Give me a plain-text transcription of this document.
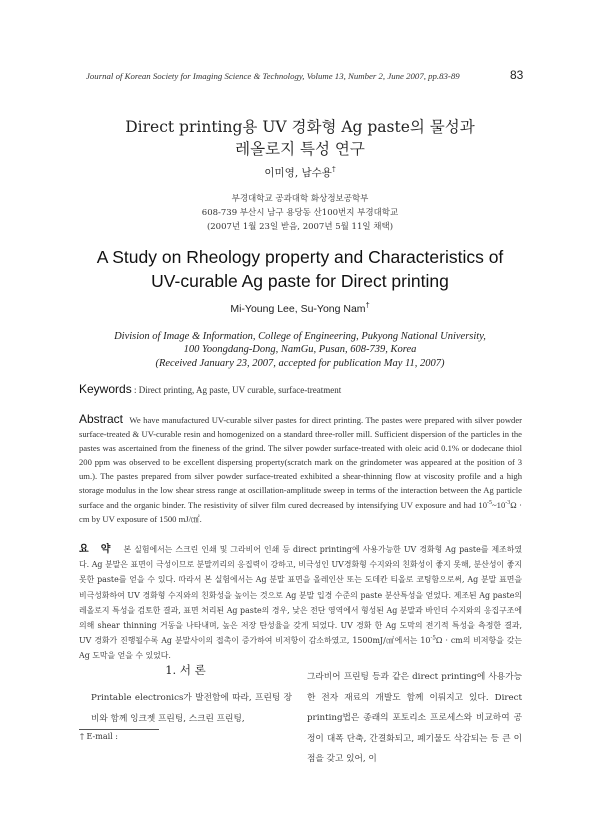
Journal of Korean Society for Imaging Science & Technology, Volume 13, Number 2, June 2007, pp.83-89	83
Direct printing용 UV 경화형 Ag paste의 물성과
레올로지 특성 연구
이미영, 남수용†
부경대학교 공과대학 화상정보공학부
608-739 부산시 남구 용당동 산100번지 부경대학교
(2007년 1월 23일 받음, 2007년 5월 11일 채택)
A Study on Rheology property and Characteristics of
UV-curable Ag paste for Direct printing
Mi-Young Lee, Su-Yong Nam†
Division of Image & Information, College of Engineering, Pukyong National University,
100 Yoongdang-Dong, NamGu, Pusan, 608-739, Korea
(Received January 23, 2007, accepted for publication May 11, 2007)
Keywords : Direct printing, Ag paste, UV curable, surface-treatment
Abstract We have manufactured UV-curable silver pastes for direct printing. The pastes were prepared with silver powder surface-treated & UV-curable resin and homogenized on a standard three-roller mill. Sufficient dispersion of the particles in the pastes was ascertained from the fineness of the grind. The silver powder surface-treated with oleic acid 0.1% or dodecane thiol 200 ppm was observed to be excellent dispersing property(scratch mark on the grindometer was appeared at the position of 3 um.). The pastes prepared from silver powder surface-treated exhibited a shear-thinning flow at viscosity profile and a high storage modulus in the low shear stress range at oscillation-amplitude sweep in terms of the interaction between the Ag particle surface and the organic binder. The resistivity of silver film cured decreased by intensifying UV exposure and had $10^{-5}\sim 10^{-3}\Omega$ · cm by UV exposure of 1500 mJ/㎠.
요 약 본 실험에서는 스크린 인쇄 및 그라비어 인쇄 등 direct printing에 사용가능한 UV 경화형 Ag paste를 제조하였다. Ag 분말은 표면이 극성이므로 분말끼리의 응집력이 강하고, 비극성인 UV경화형 수지와의 친화성이 좋지 못해, 분산성이 좋지 못한 paste를 얻을 수 있다. 따라서 본 실험에서는 Ag 분말 표면을 올레인산 또는 도데칸 티올로 코팅함으로써, Ag 분말 표면을 비극성화하여 UV 경화형 수지와의 친화성을 높이는 것으로 Ag 분말 입경 수준의 paste 분산특성을 얻었다. 제조된 Ag paste의 레올로지 특성을 검토한 결과, 표면 처리된 Ag paste의 경우, 낮은 전단 영역에서 형성된 Ag 분말과 바인더 수지와의 응집구조에 의해 shear thinning 거동을 나타내며, 높은 저장 탄성율을 갖게 되었다. UV 경화 한 Ag 도막의 전기적 특성을 측정한 결과, UV 경화가 진행될수록 Ag 분말사이의 접촉이 증가하여 비저항이 감소하였고, 1500mJ/㎠에서는 $10^{-5}\Omega$ · cm의 비저항을 갖는 Ag 도막을 얻을 수 있었다.
1. 서 론
Printable electronics가 발전함에 따라, 프린팅 장비와 함께 잉크젯 프린팅, 스크린 프린팅,
† E-mail :
그라비어 프린팅 등과 같은 direct printing에 사용가능한 전자 재료의 개발도 함께 이뤄지고 있다. Direct printing법은 종래의 포토리소 프로세스와 비교하여 공정이 대폭 단축, 간결화되고, 폐기물도 삭감되는 등 큰 이점을 갖고 있어, 이
